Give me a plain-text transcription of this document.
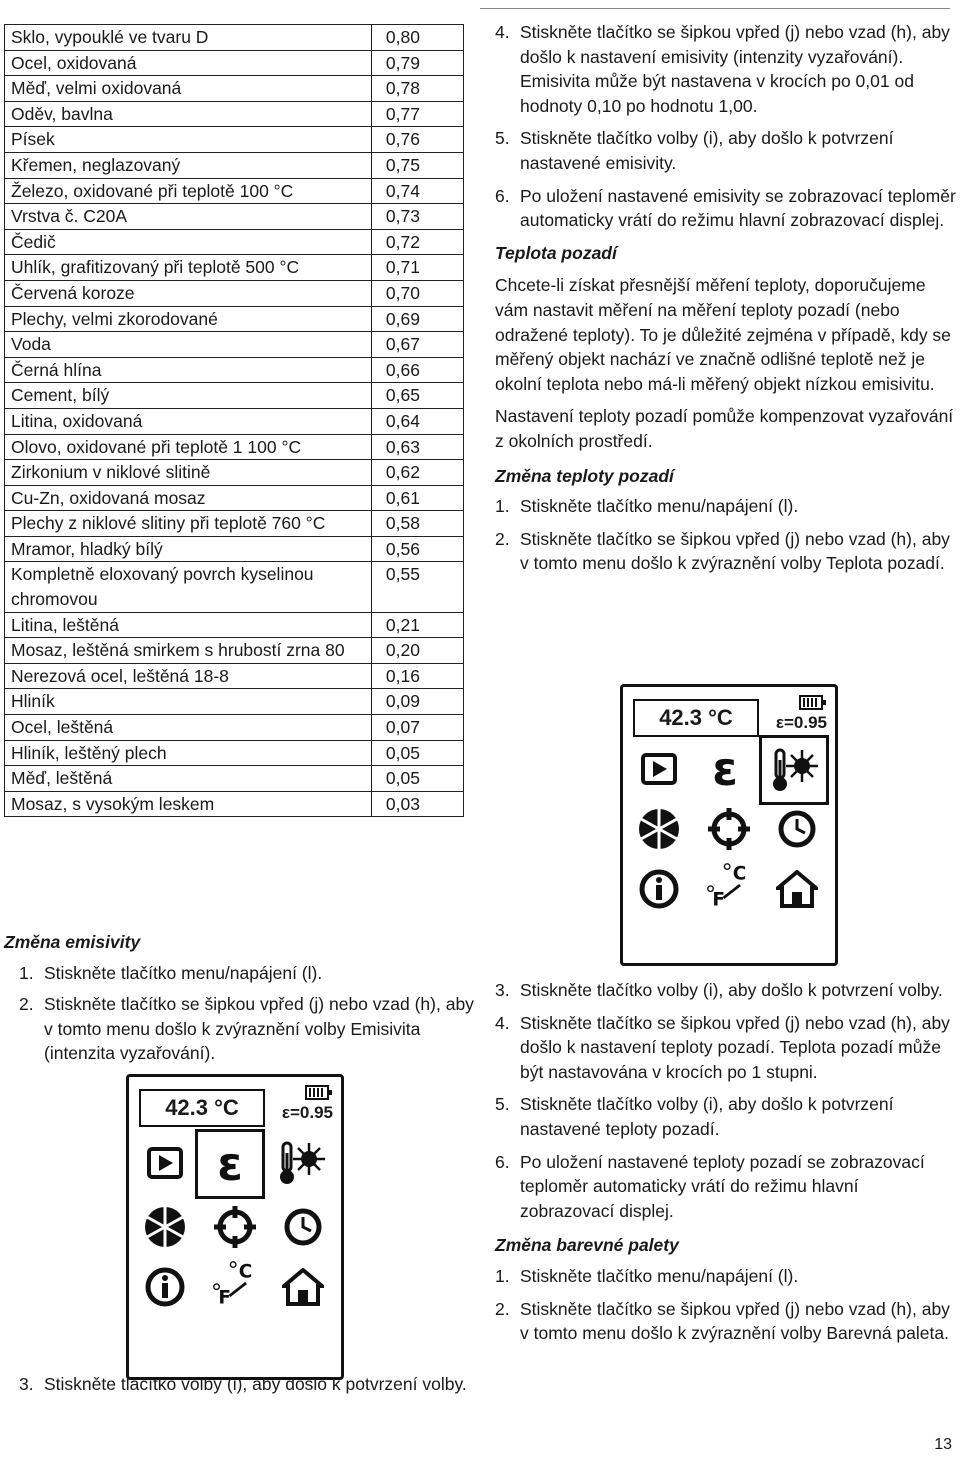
Sklo, vypouklé ve tvaru D	0,80
Ocel, oxidovaná	0,79
Měď, velmi oxidovaná	0,78
Oděv, bavlna	0,77
Písek	0,76
Křemen, neglazovaný	0,75
Železo, oxidované při teplotě 100 °C	0,74
Vrstva č. C20A	0,73
Čedič	0,72
Uhlík, grafitizovaný při teplotě 500 °C	0,71
Červená koroze	0,70
Plechy, velmi zkorodované	0,69
Voda	0,67
Černá hlína	0,66
Cement, bílý	0,65
Litina, oxidovaná	0,64
Olovo, oxidované při teplotě 1 100 °C	0,63
Zirkonium v niklové slitině	0,62
Cu-Zn, oxidovaná mosaz	0,61
Plechy z niklové slitiny při teplotě 760 °C	0,58
Mramor, hladký bílý	0,56
Kompletně eloxovaný povrch kyselinou chromovou	0,55
Litina, leštěná	0,21
Mosaz, leštěná smirkem s hrubostí zrna 80	0,20
Nerezová ocel, leštěná 18-8	0,16
Hliník	0,09
Ocel, leštěná	0,07
Hliník, leštěný plech	0,05
Měď, leštěná	0,05
Mosaz, s vysokým leskem	0,03

Změna emisivity

1. Stiskněte tlačítko menu/napájení (l).
2. Stiskněte tlačítko se šipkou vpřed (j) nebo vzad (h), aby v tomto menu došlo k zvýraznění volby Emisivita (intenzita vyzařování).
42.3 °C	ε=0.95
ε
C
F
3. Stiskněte tlačítko volby (i), aby došlo k potvrzení volby.
4. Stiskněte tlačítko se šipkou vpřed (j) nebo vzad (h), aby došlo k nastavení emisivity (intenzity vyzařování). Emisivita může být nastavena v krocích po 0,01 od hodnoty 0,10 po hodnotu 1,00.
5. Stiskněte tlačítko volby (i), aby došlo k potvrzení nastavené emisivity.
6. Po uložení nastavené emisivity se zobrazovací teploměr automaticky vrátí do režimu hlavní zobrazovací displej.

Teplota pozadí

Chcete-li získat přesnější měření teploty, doporučujeme vám nastavit měření na měření teploty pozadí (nebo odražené teploty). To je důležité zejména v případě, kdy se měřený objekt nachází ve značně odlišné teplotě než je okolní teplota nebo má-li měřený objekt nízkou emisivitu.

Nastavení teploty pozadí pomůže kompenzovat vyzařování z okolních prostředí.

Změna teploty pozadí

1. Stiskněte tlačítko menu/napájení (l).
2. Stiskněte tlačítko se šipkou vpřed (j) nebo vzad (h), aby v tomto menu došlo k zvýraznění volby Teplota pozadí.
42.3 °C	ε=0.95
ε
C
F
3. Stiskněte tlačítko volby (i), aby došlo k potvrzení volby.
4. Stiskněte tlačítko se šipkou vpřed (j) nebo vzad (h), aby došlo k nastavení teploty pozadí. Teplota pozadí může být nastavována v krocích po 1 stupni.
5. Stiskněte tlačítko volby (i), aby došlo k potvrzení nastavené teploty pozadí.
6. Po uložení nastavené teploty pozadí se zobrazovací teploměr automaticky vrátí do režimu hlavní zobrazovací displej.

Změna barevné palety

1. Stiskněte tlačítko menu/napájení (l).
2. Stiskněte tlačítko se šipkou vpřed (j) nebo vzad (h), aby v tomto menu došlo k zvýraznění volby Barevná paleta.
13
